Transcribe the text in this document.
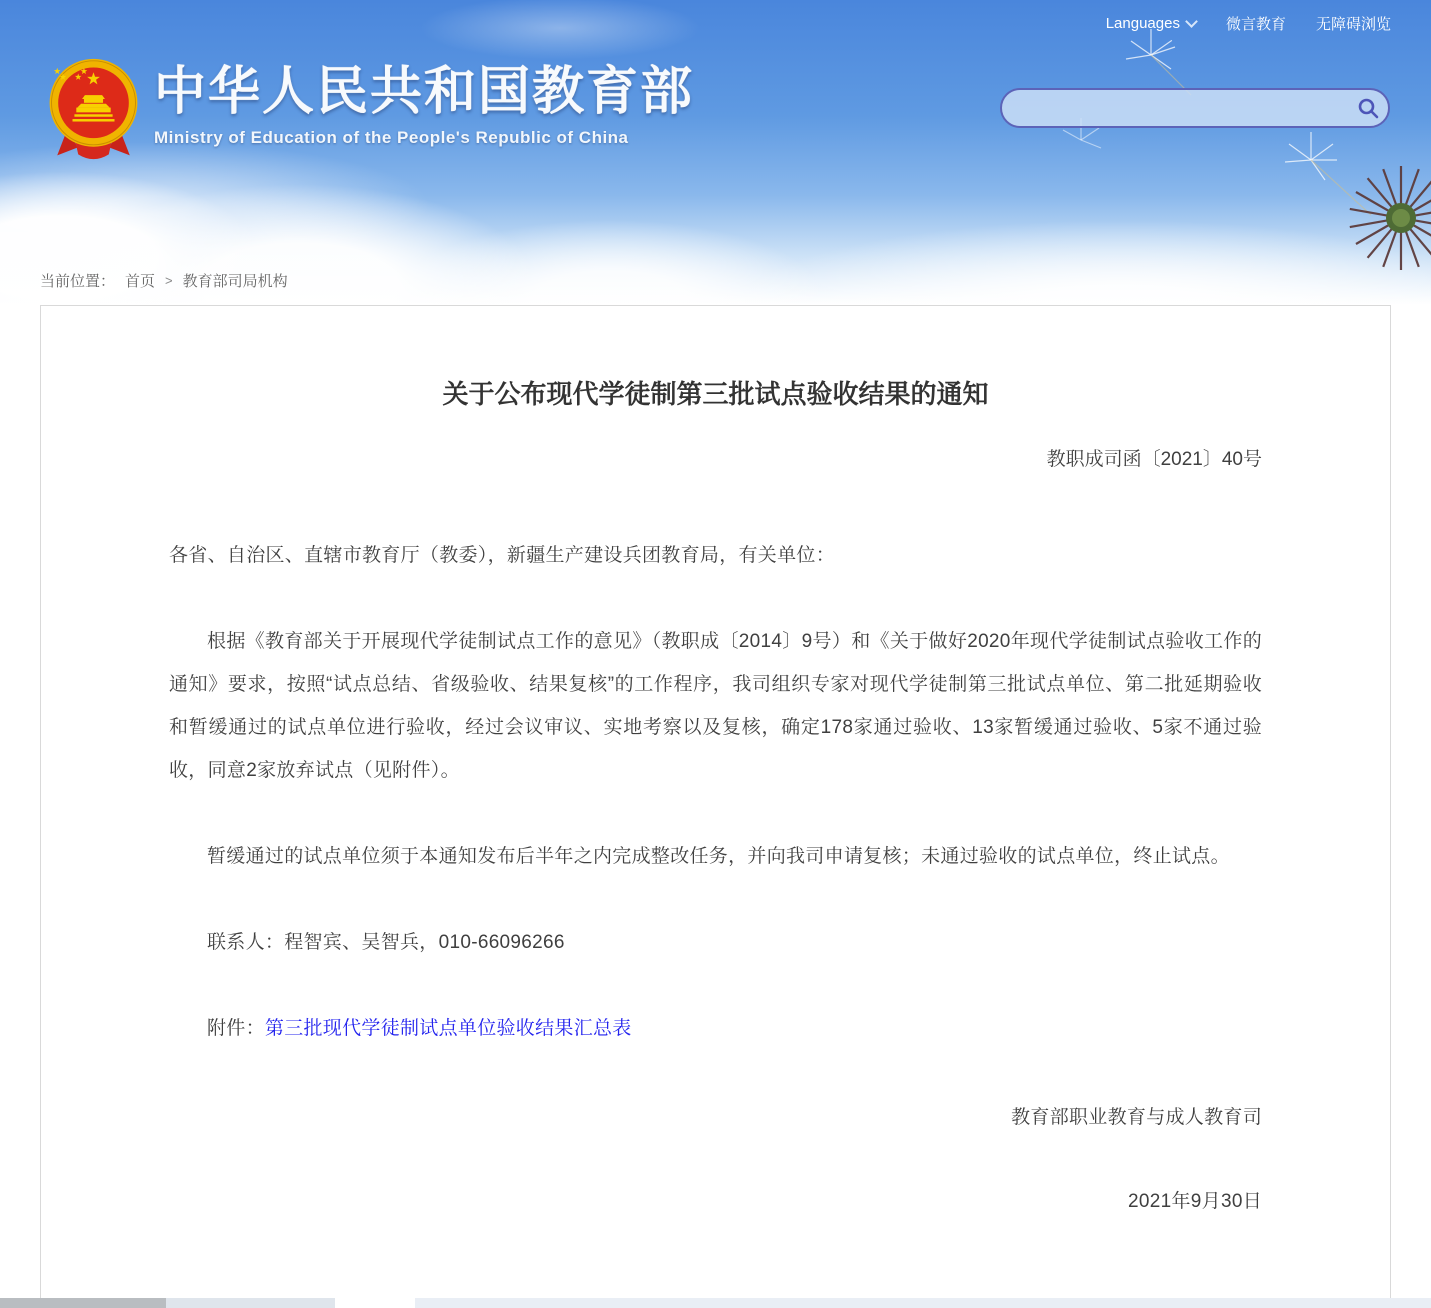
Languages	微言教育 无障碍浏览
中华人民共和国教育部
Ministry of Education of the People's Republic of China
当前位置： 首页 > 教育部司局机构
关于公布现代学徒制第三批试点验收结果的通知
教职成司函〔2021〕40号

各省、自治区、直辖市教育厅（教委），新疆生产建设兵团教育局，有关单位：

根据《教育部关于开展现代学徒制试点工作的意见》（教职成〔2014〕9号）和《关于做好2020年现代学徒制试点验收工作的通知》要求，按照“试点总结、省级验收、结果复核”的工作程序，我司组织专家对现代学徒制第三批试点单位、第二批延期验收和暂缓通过的试点单位进行验收，经过会议审议、实地考察以及复核，确定178家通过验收、13家暂缓通过验收、5家不通过验收，同意2家放弃试点（见附件）。

暂缓通过的试点单位须于本通知发布后半年之内完成整改任务，并向我司申请复核；未通过验收的试点单位，终止试点。

联系人：程智宾、吴智兵，010-66096266

附件：第三批现代学徒制试点单位验收结果汇总表

教育部职业教育与成人教育司

2021年9月30日
